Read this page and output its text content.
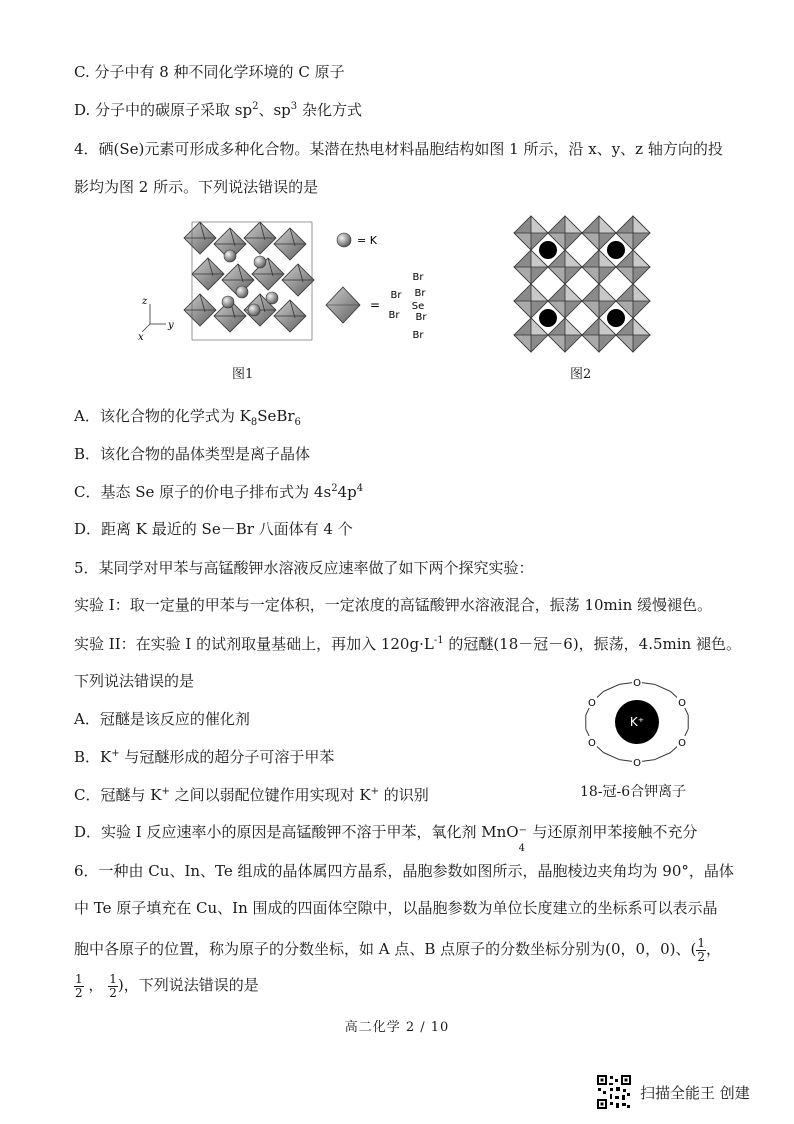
C. 分子中有 8 种不同化学环境的 C 原子
D. 分子中的碳原子采取 $sp^2$、$sp^3$ 杂化方式
4．硒(Se)元素可形成多种化合物。某潜在热电材料晶胞结构如图 1 所示，沿 x、y、z 轴方向的投
影均为图 2 所示。下列说法错误的是
z
y
x
= K
=	Se
Br
Br
Br
Br
Br
Br
图1	图2
A．该化合物的化学式为 $K_8SeBr_6$
B．该化合物的晶体类型是离子晶体
C．基态 Se 原子的价电子排布式为 $4s^24p^4$
D．距离 K 最近的 Se－Br 八面体有 4 个
5．某同学对甲苯与高锰酸钾水溶液反应速率做了如下两个探究实验：
实验 I：取一定量的甲苯与一定体积，一定浓度的高锰酸钾水溶液混合，振荡 10min 缓慢褪色。
实验 II：在实验 I 的试剂取量基础上，再加入 $120g\cdot L^{-1}$ 的冠醚(18－冠－6)，振荡，4.5min 褪色。
下列说法错误的是
A．冠醚是该反应的催化剂
B．K+ 与冠醚形成的超分子可溶于甲苯
C．冠醚与 K+ 之间以弱配位键作用实现对 K+ 的识别
O
O
O
O
O
O
K⁺
18-冠-6合钾离子
D．实验 I 反应速率小的原因是高锰酸钾不溶于甲苯，氧化剂 MnO −
4
与还原剂甲苯接触不充分
6．一种由 Cu、In、Te 组成的晶体属四方晶系，晶胞参数如图所示，晶胞棱边夹角均为 90°，晶体
中 Te 原子填充在 Cu、In 围成的四面体空隙中，以晶胞参数为单位长度建立的坐标系可以表示晶
胞中各原子的位置，称为原子的分数坐标，如 A 点、B 点原子的分数坐标分别为(0，0，0)、( $\frac{1}{2}$ ，
$\frac{1}{2}$ ， $\frac{1}{2}$ )，下列说法错误的是
高二化学 2 / 10
扫描全能王 创建
